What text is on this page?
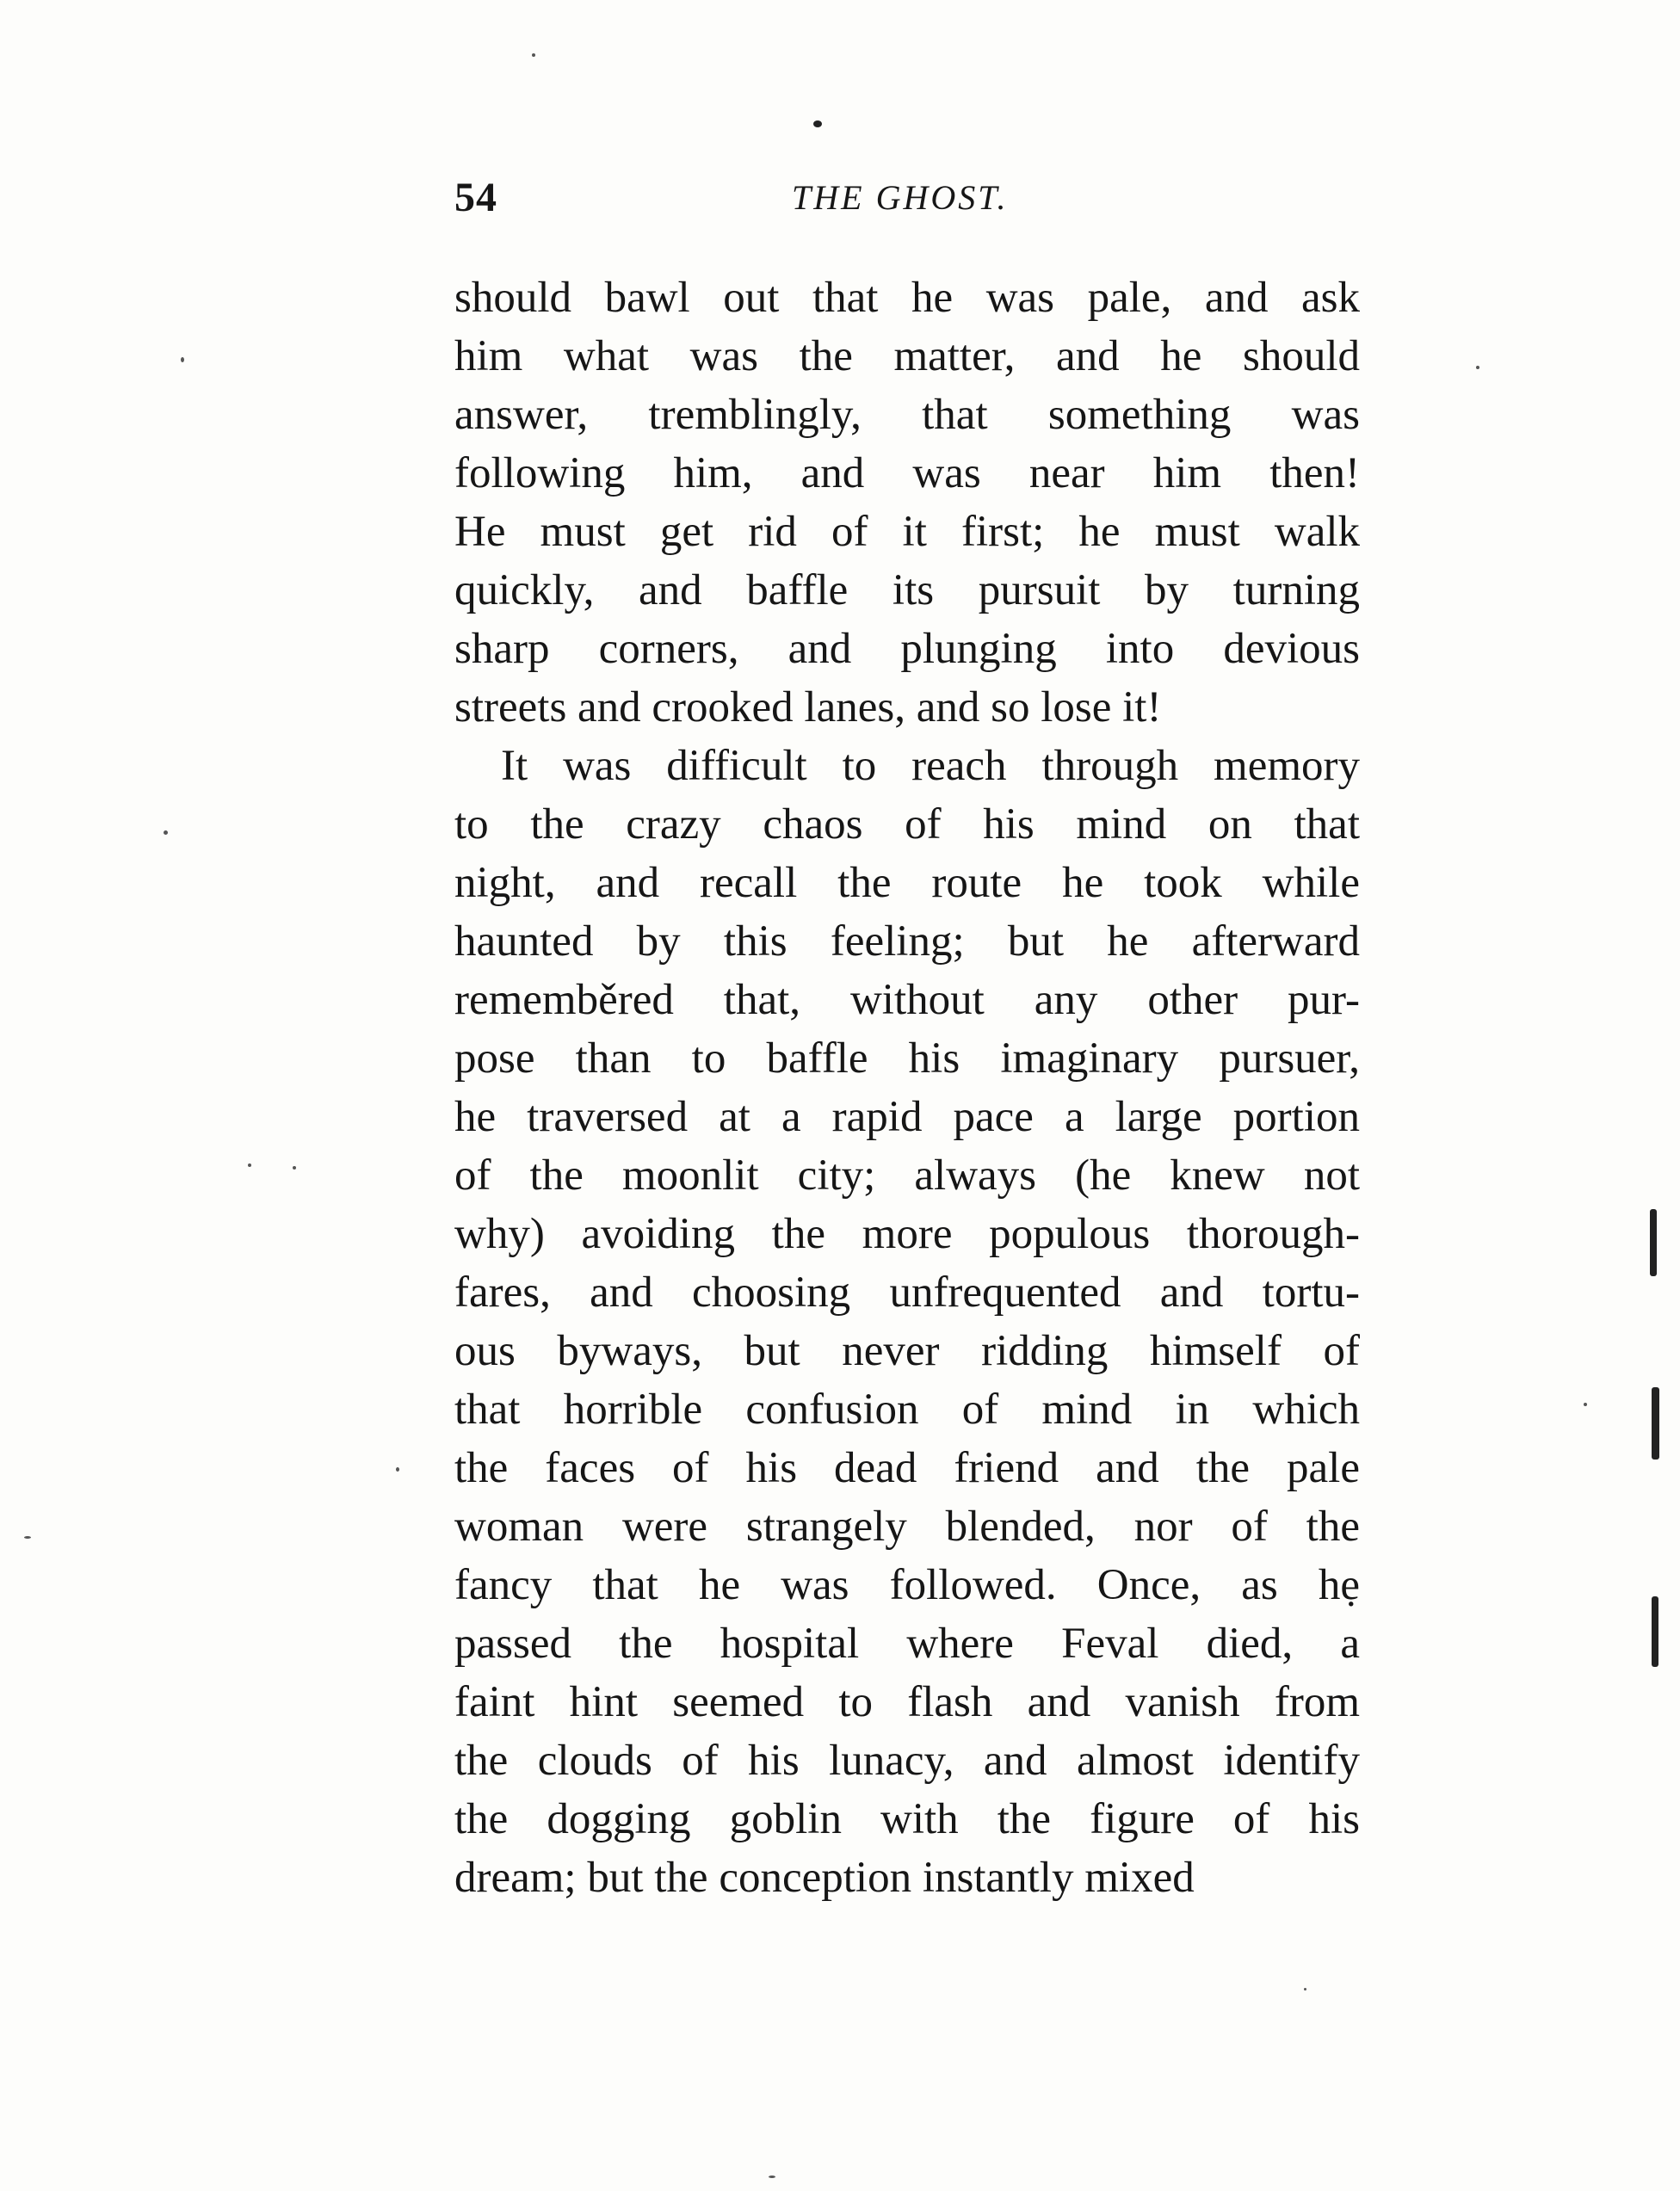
54	THE GHOST.
should bawl out that he was pale, and ask
him what was the matter, and he should
answer, tremblingly, that something was
following him, and was near him then!
He must get rid of it first; he must walk
quickly, and baffle its pursuit by turning
sharp corners, and plunging into devious
streets and crooked lanes, and so lose it!
It was difficult to reach through memory
to the crazy chaos of his mind on that
night, and recall the route he took while
haunted by this feeling; but he afterward
rememběred that, without any other pur-
pose than to baffle his imaginary pursuer,
he traversed at a rapid pace a large portion
of the moonlit city; always (he knew not
why) avoiding the more populous thorough-
fares, and choosing unfrequented and tortu-
ous byways, but never ridding himself of
that horrible confusion of mind in which
the faces of his dead friend and the pale
woman were strangely blended, nor of the
fancy that he was followed. Once, as hẹ
passed the hospital where Feval died, a
faint hint seemed to flash and vanish from
the clouds of his lunacy, and almost identify
the dogging goblin with the figure of his
dream; but the conception instantly mixed
